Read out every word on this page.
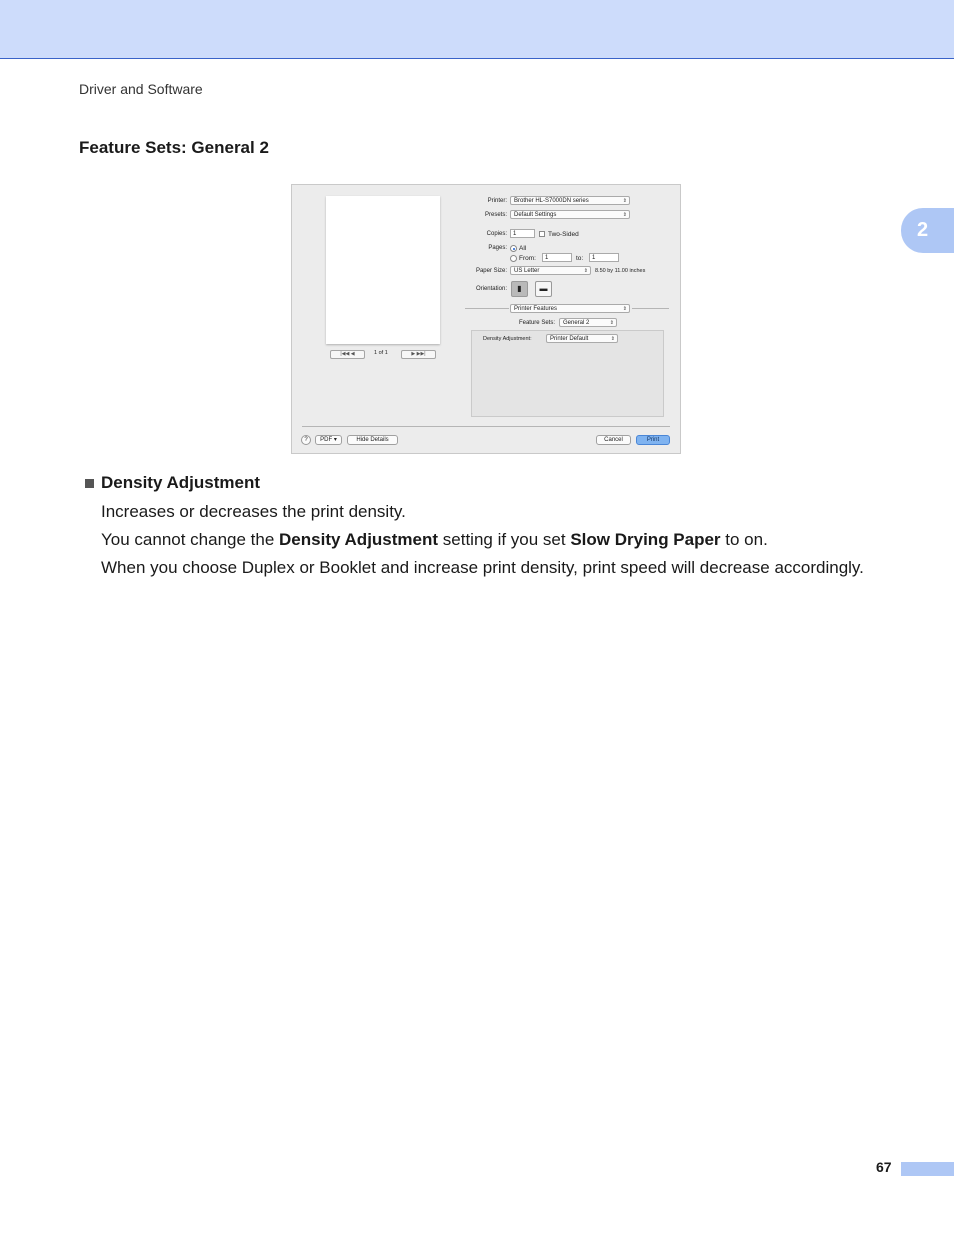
Driver and Software
2
Feature Sets: General 2
|◀◀ ◀	1 of 1	▶ ▶▶|
Printer:	Brother HL-S7000DN series	⇕
Presets:	Default Settings	⇕
Copies:	1	Two-Sided
Pages: All
From:	1	to:	1
Paper Size:	US Letter	⇕ 8.50 by 11.00 inches
Orientation:	▮	▬
Printer Features	⇕
Feature Sets:	General 2	⇕
Density Adjustment:	Printer Default	⇕
?	PDF ▾	Hide Details	Cancel	Print
Density Adjustment
Increases or decreases the print density.
You cannot change the Density Adjustment setting if you set Slow Drying Paper to on.
When you choose Duplex or Booklet and increase print density, print speed will decrease accordingly.
67
